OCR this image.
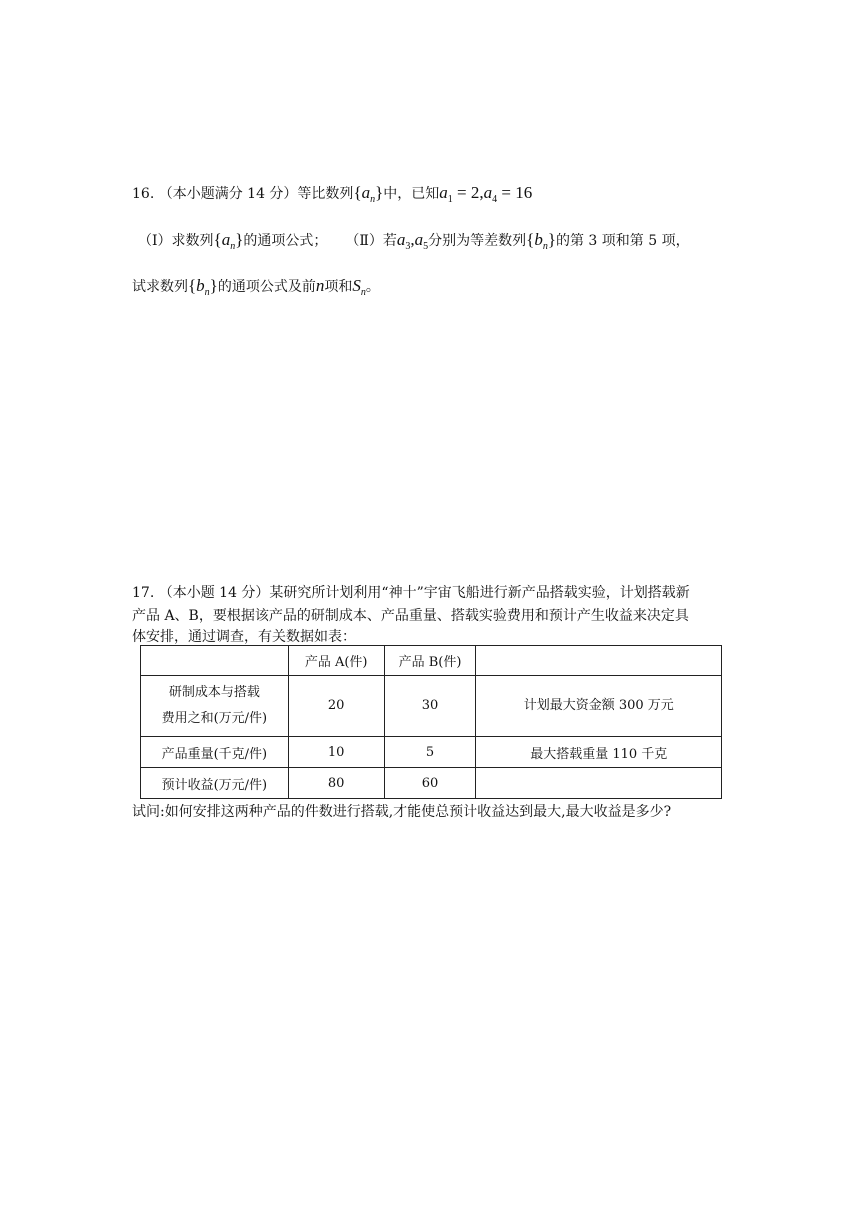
16. （本小题满分 14 分）等比数列$\{a_n\}$中，已知$a_1 = 2,a_4 = 16$
（I）求数列$\{a_n\}$的通项公式； （Ⅱ）若$a_3,a_5$分别为等差数列$\{b_n\}$的第 3 项和第 5 项，
试求数列$\{b_n\}$的通项公式及前n项和$S_n$。
17. （本小题 14 分）某研究所计划利用“神十”宇宙飞船进行新产品搭载实验，计划搭载新
产品 A、B，要根据该产品的研制成本、产品重量、搭载实验费用和预计产生收益来决定具
体安排，通过调查，有关数据如表：
	产品 A(件)	产品 B(件)	
研制成本与搭载
费用之和(万元/件)	20	30	计划最大资金额 300 万元
产品重量(千克/件)	10	5	最大搭载重量 110 千克
预计收益(万元/件)	80	60	
试问:如何安排这两种产品的件数进行搭载,才能使总预计收益达到最大,最大收益是多少?
